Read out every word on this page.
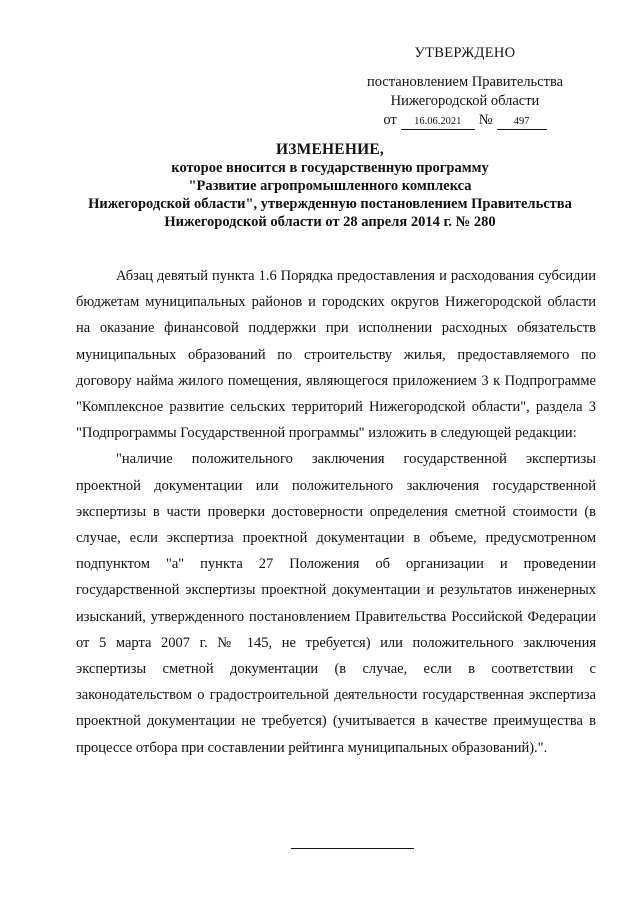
УТВЕРЖДЕНО
постановлением Правительства
Нижегородской области
от	16.06.2021	№	497
ИЗМЕНЕНИЕ,
которое вносится в государственную программу
"Развитие агропромышленного комплекса
Нижегородской области", утвержденную постановлением Правительства
Нижегородской области от 28 апреля 2014 г. № 280

Абзац девятый пункта 1.6 Порядка предоставления и расходования субсидии бюджетам муниципальных районов и городских округов Нижегородской области на оказание финансовой поддержки при исполнении расходных обязательств муниципальных образований по строительству жилья, предоставляемого по договору найма жилого помещения, являющегося приложением 3 к Подпрограмме "Комплексное развитие сельских территорий Нижегородской области", раздела 3 "Подпрограммы Государственной программы" изложить в следующей редакции:

"наличие положительного заключения государственной экспертизы проектной документации или положительного заключения государственной экспертизы в части проверки достоверности определения сметной стоимости (в случае, если экспертиза проектной документации в объеме, предусмотренном подпунктом "а" пункта 27 Положения об организации и проведении государственной экспертизы проектной документации и результатов инженерных изысканий, утвержденного постановлением Правительства Российской Федерации от 5 марта 2007 г. № 145, не требуется) или положительного заключения экспертизы сметной документации (в случае, если в соответствии с законодательством о градостроительной деятельности государственная экспертиза проектной документации не требуется) (учитывается в качестве преимущества в процессе отбора при составлении рейтинга муниципальных образований).".
